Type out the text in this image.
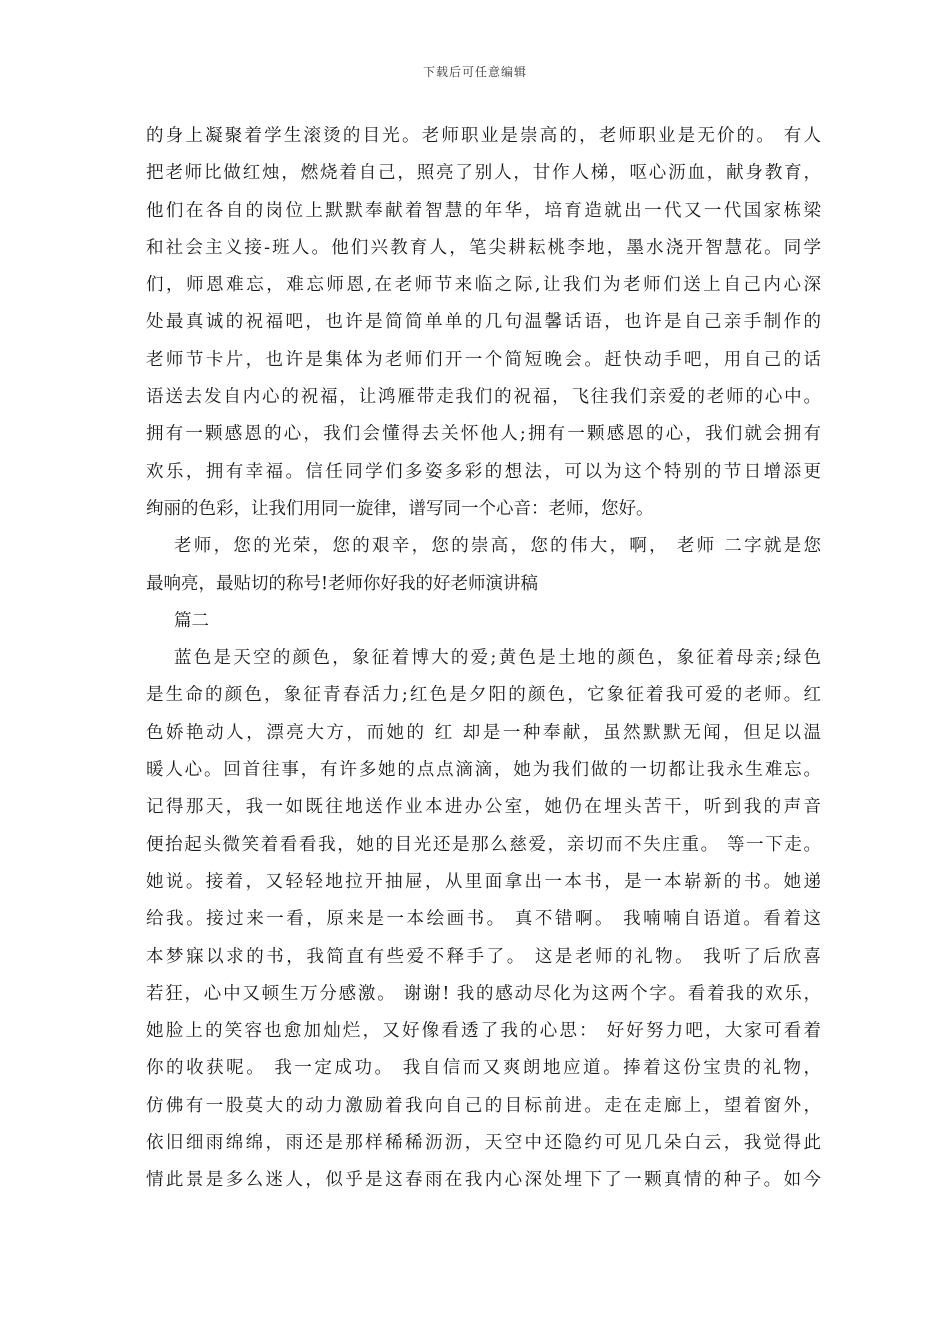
下载后可任意编辑
的身上凝聚着学生滚烫的目光。老师职业是崇高的，老师职业是无价的。 有人
把老师比做红烛，燃烧着自己，照亮了别人，甘作人梯，呕心沥血，献身教育，
他们在各自的岗位上默默奉献着智慧的年华，培育造就出一代又一代国家栋梁
和社会主义接-班人。他们兴教育人，笔尖耕耘桃李地，墨水浇开智慧花。同学
们，师恩难忘，难忘师恩,在老师节来临之际,让我们为老师们送上自己内心深
处最真诚的祝福吧，也许是简简单单的几句温馨话语，也许是自己亲手制作的
老师节卡片，也许是集体为老师们开一个简短晚会。赶快动手吧，用自己的话
语送去发自内心的祝福，让鸿雁带走我们的祝福，飞往我们亲爱的老师的心中。
拥有一颗感恩的心，我们会懂得去关怀他人;拥有一颗感恩的心，我们就会拥有
欢乐，拥有幸福。信任同学们多姿多彩的想法，可以为这个特别的节日增添更
绚丽的色彩，让我们用同一旋律，谱写同一个心音：老师，您好。
老师，您的光荣，您的艰辛，您的崇高，您的伟大，啊， 老师 二字就是您
最响亮，最贴切的称号!老师你好我的好老师演讲稿
篇二
蓝色是天空的颜色，象征着博大的爱;黄色是土地的颜色，象征着母亲;绿色
是生命的颜色，象征青春活力;红色是夕阳的颜色，它象征着我可爱的老师。红
色娇艳动人，漂亮大方，而她的 红 却是一种奉献，虽然默默无闻，但足以温
暖人心。回首往事，有许多她的点点滴滴，她为我们做的一切都让我永生难忘。
记得那天，我一如既往地送作业本进办公室，她仍在埋头苦干，听到我的声音
便抬起头微笑着看看我，她的目光还是那么慈爱，亲切而不失庄重。 等一下走。
她说。接着，又轻轻地拉开抽屉，从里面拿出一本书，是一本崭新的书。她递
给我。接过来一看，原来是一本绘画书。 真不错啊。 我喃喃自语道。看着这
本梦寐以求的书，我简直有些爱不释手了。 这是老师的礼物。 我听了后欣喜
若狂，心中又顿生万分感激。 谢谢! 我的感动尽化为这两个字。看着我的欢乐，
她脸上的笑容也愈加灿烂，又好像看透了我的心思： 好好努力吧，大家可看着
你的收获呢。 我一定成功。 我自信而又爽朗地应道。捧着这份宝贵的礼物，
仿佛有一股莫大的动力激励着我向自己的目标前进。走在走廊上，望着窗外，
依旧细雨绵绵，雨还是那样稀稀沥沥，天空中还隐约可见几朵白云，我觉得此
情此景是多么迷人，似乎是这春雨在我内心深处埋下了一颗真情的种子。如今
